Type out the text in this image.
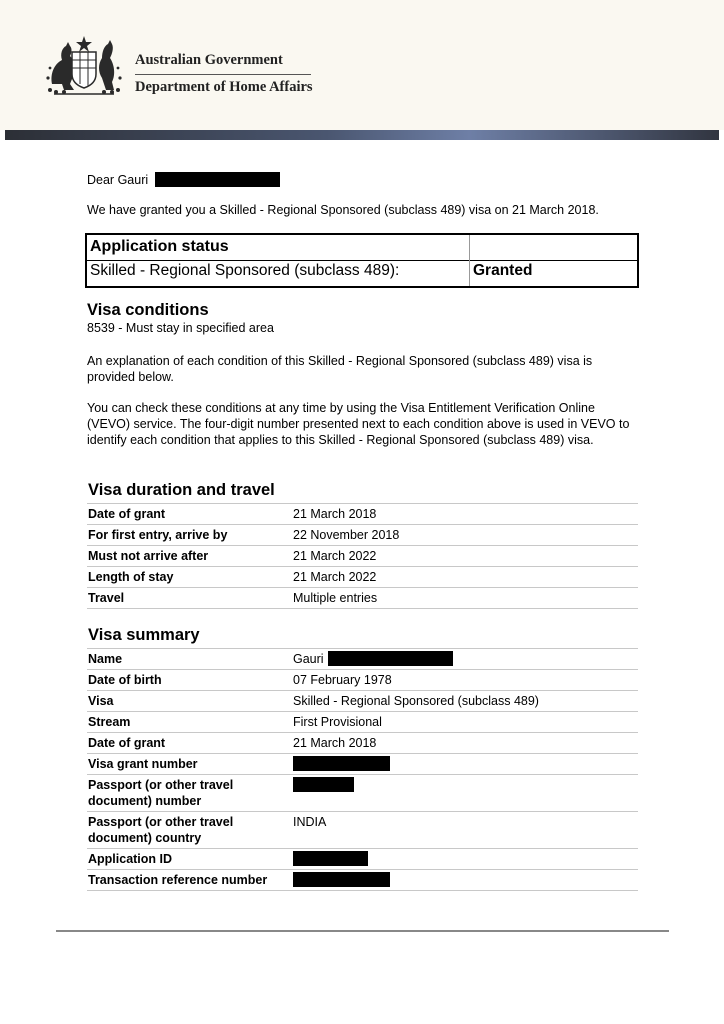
Australian Government
Department of Home Affairs
Dear Gauri
We have granted you a Skilled - Regional Sponsored (subclass 489) visa on 21 March 2018.
Application status
Skilled - Regional Sponsored (subclass 489):	Granted
Visa conditions
8539 - Must stay in specified area

An explanation of each condition of this Skilled - Regional Sponsored (subclass 489) visa is provided below.

You can check these conditions at any time by using the Visa Entitlement Verification Online (VEVO) service. The four-digit number presented next to each condition above is used in VEVO to identify each condition that applies to this Skilled - Regional Sponsored (subclass 489) visa.

Visa duration and travel
Date of grant	21 March 2018
For first entry, arrive by	22 November 2018
Must not arrive after	21 March 2022
Length of stay	21 March 2022
Travel	Multiple entries
Visa summary
Name	Gauri
Date of birth	07 February 1978
Visa	Skilled - Regional Sponsored (subclass 489)
Stream	First Provisional
Date of grant	21 March 2018
Visa grant number	
Passport (or other travel document) number	
Passport (or other travel document) country	INDIA
Application ID	
Transaction reference number	
